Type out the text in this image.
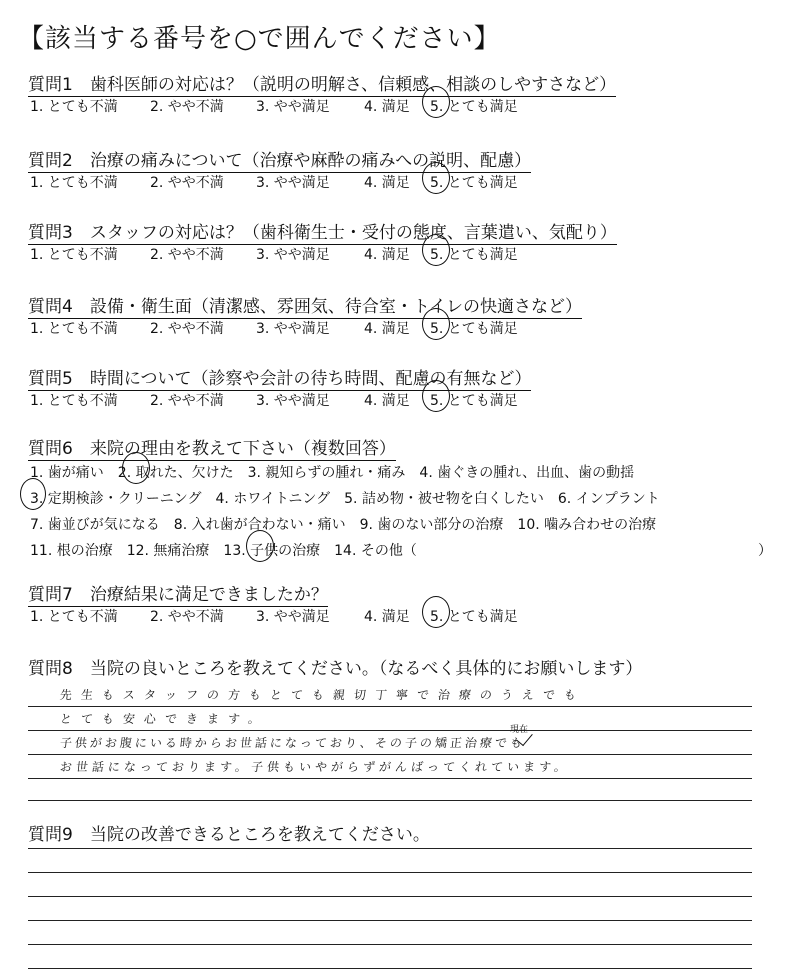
【該当する番号を○で囲んでください】
質問1　歯科医師の対応は？（説明の明解さ、信頼感、相談のしやすさなど）
1. とても不満	2. やや不満	3. やや満足	4. 満足	5. とても満足
質問2　治療の痛みについて（治療や麻酔の痛みへの説明、配慮）
1. とても不満	2. やや不満	3. やや満足	4. 満足	5. とても満足
質問3　スタッフの対応は？（歯科衛生士・受付の態度、言葉遣い、気配り）
1. とても不満	2. やや不満	3. やや満足	4. 満足	5. とても満足
質問4　設備・衛生面（清潔感、雰囲気、待合室・トイレの快適さなど）
1. とても不満	2. やや不満	3. やや満足	4. 満足	5. とても満足
質問5　時間について（診察や会計の待ち時間、配慮の有無など）
1. とても不満	2. やや不満	3. やや満足	4. 満足	5. とても満足
質問6　来院の理由を教えて下さい（複数回答）
1. 歯が痛い　2. 取れた、欠けた　3. 親知らずの腫れ・痛み　4. 歯ぐきの腫れ、出血、歯の動揺
3. 定期検診・クリーニング　4. ホワイトニング　5. 詰め物・被せ物を白くしたい　6. インプラント
7. 歯並びが気になる　8. 入れ歯が合わない・痛い　9. 歯のない部分の治療　10. 噛み合わせの治療
11. 根の治療　12. 無痛治療　13. 子供の治療　14. その他（	）
質問7　治療結果に満足できましたか？
1. とても不満	2. やや不満	3. やや満足	4. 満足	5. とても満足
質問8　当院の良いところを教えてください。（なるべく具体的にお願いします）
先生もスタッフの方もとても親切丁寧で治療のうえでも
とても安心できます。
現在
子供がお腹にいる時からお世話になっており、その子の矯正治療でも
お世話になっております。子供もいやがらずがんばってくれています。
質問9　当院の改善できるところを教えてください。
